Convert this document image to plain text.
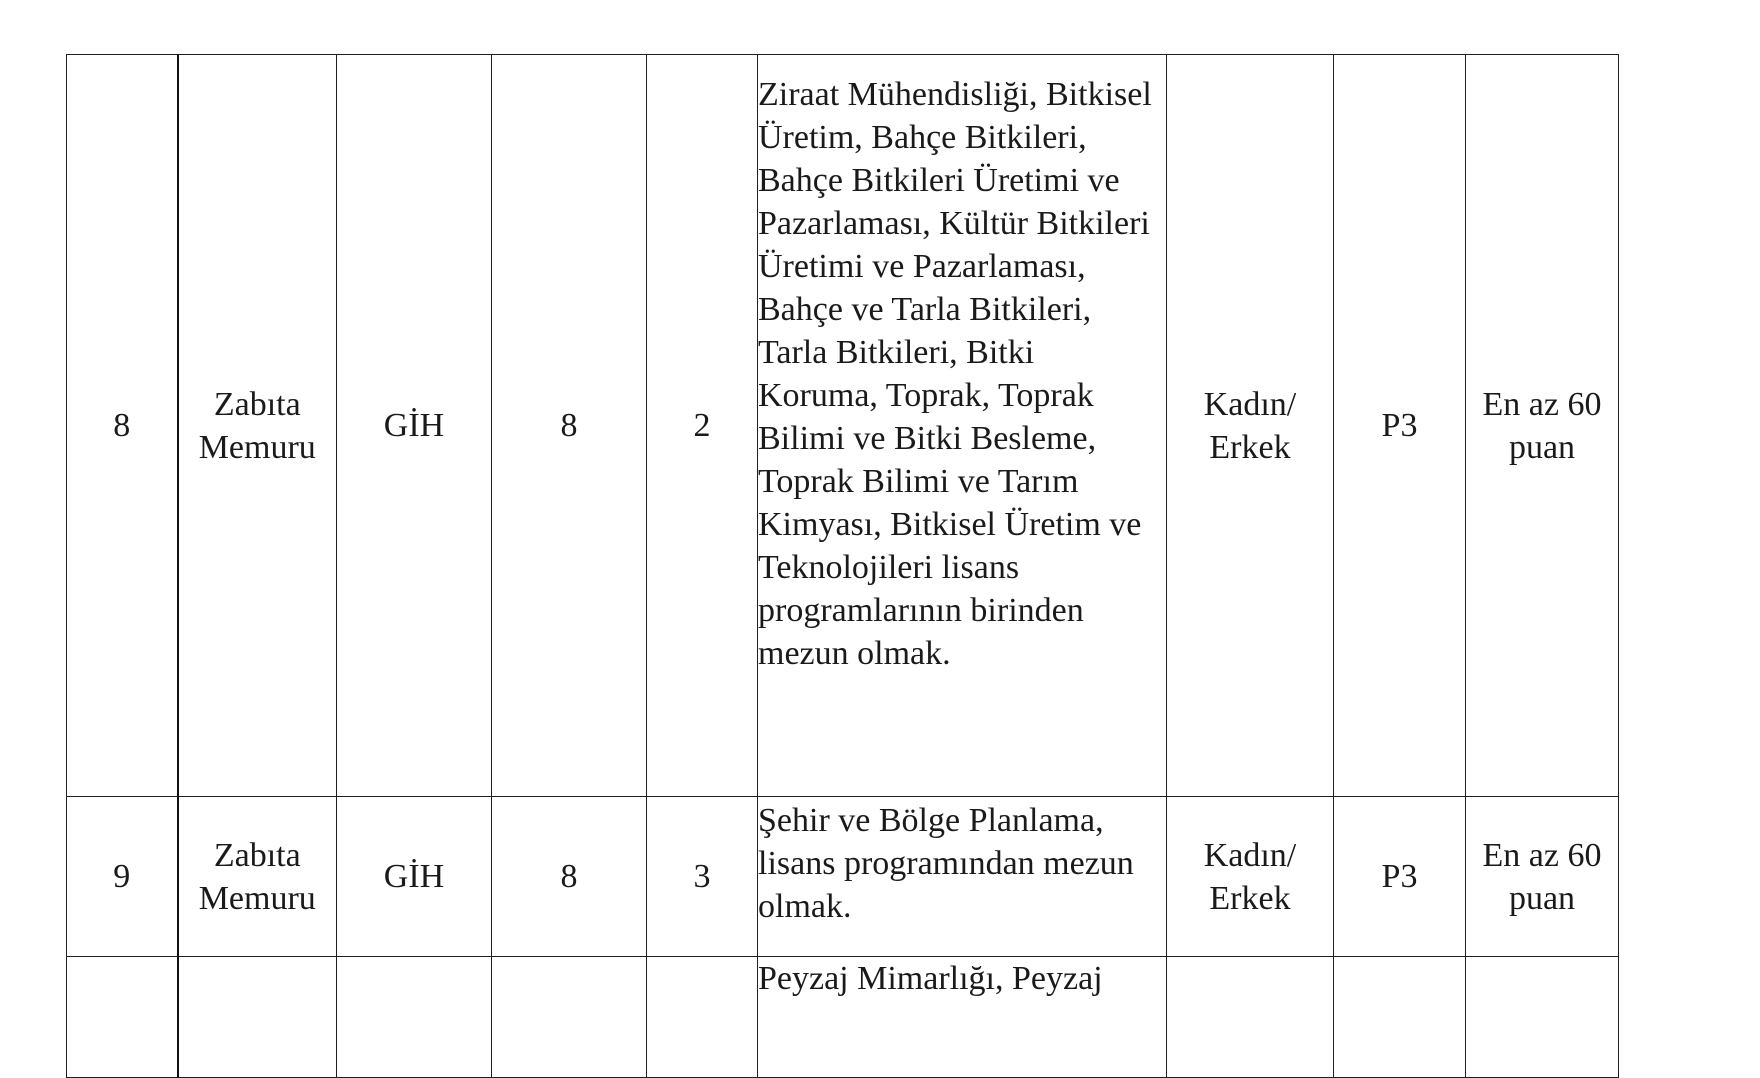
8	Zabıta Memuru	GİH	8	2	Ziraat Mühendisliği, Bitkisel Üretim, Bahçe Bitkileri, Bahçe Bitkileri Üretimi ve Pazarlaması, Kültür Bitkileri Üretimi ve Pazarlaması, Bahçe ve Tarla Bitkileri, Tarla Bitkileri, Bitki Koruma, Toprak, Toprak Bilimi ve Bitki Besleme, Toprak Bilimi ve Tarım Kimyası, Bitkisel Üretim ve Teknolojileri lisans programlarının birinden mezun olmak.	Kadın/ Erkek	P3	En az 60 puan
9	Zabıta Memuru	GİH	8	3	Şehir ve Bölge Planlama, lisans programından mezun olmak.	Kadın/ Erkek	P3	En az 60 puan
					Peyzaj Mimarlığı, Peyzaj			
